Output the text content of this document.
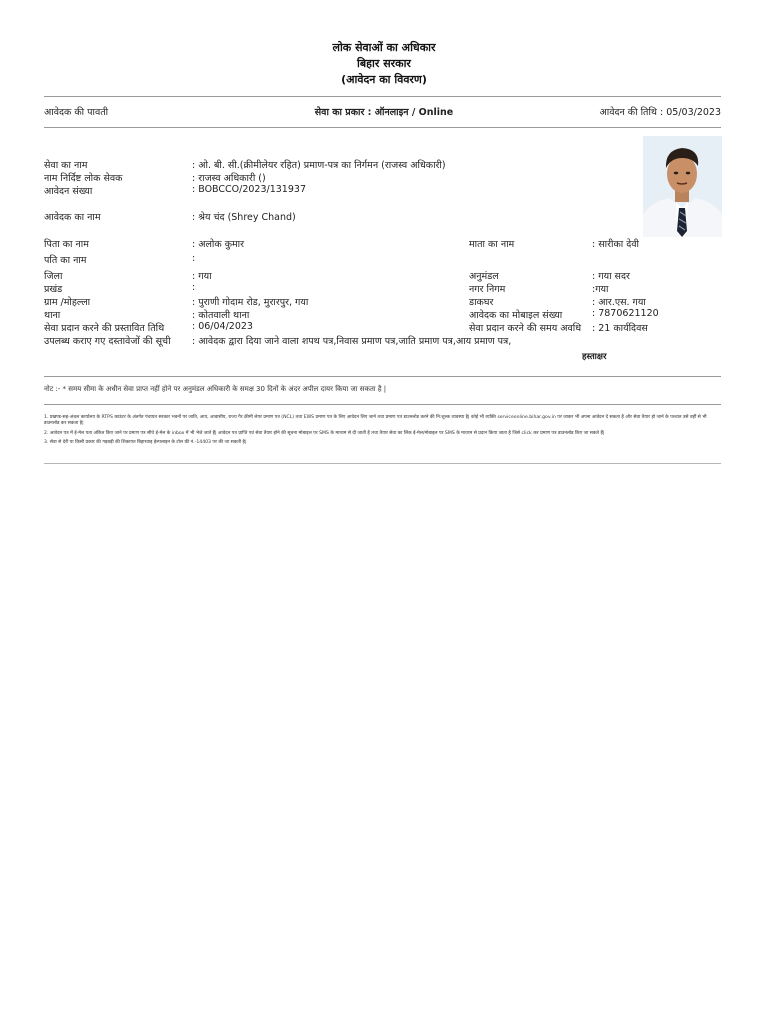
लोक सेवाओं का अधिकार
बिहार सरकार
(आवेदन का विवरण)
आवेदक की पावती	सेवा का प्रकार : ऑनलाइन / Online	आवेदन की तिथि : 05/03/2023
सेवा का नाम	: ओ. बी. सी.(क्रीमीलेयर रहित) प्रमाण-पत्र का निर्गमन (राजस्व अधिकारी)
नाम निर्दिष्ट लोक सेवक	: राजस्व अधिकारी ()
आवेदन संख्या	: BOBCCO/2023/131937
आवेदक का नाम	: श्रेय चंद (Shrey Chand)
पिता का नाम	: अलोक कुमार	माता का नाम	: सारीका देवी
पति का नाम	:
जिला	: गया	अनुमंडल	: गया सदर
प्रखंड	:	नगर निगम	:गया
ग्राम /मोहल्ला	: पुराणी गोदाम रोड, मुरारपुर, गया	डाकघर	: आर.एस. गया
थाना	: कोतवाली थाना	आवेदक का मोबाइल संख्या	: 7870621120
सेवा प्रदान करने की प्रस्तावित तिथि	: 06/04/2023	सेवा प्रदान करने की समय अवधि : 21 कार्यदिवस
उपलब्ध कराए गए दस्तावेजों की सूची : आवेदक द्वारा दिया जाने वाला शपथ पत्र,निवास प्रमाण पत्र,जाति प्रमाण पत्र,आय प्रमाण पत्र,
हस्ताक्षर
नोट :- * समय सीमा के अधीन सेवा प्राप्त नहीं होने पर अनुमंडल अधिकारी के समक्ष 30 दिनों के अंदर अपील दायर किया जा सकता है |
1. प्रखण्ड-सह-अंचल कार्यालय के RTPS काउंटर के अंतर्गत पंचायत सरकार भवनों पर जाति, आय, आवासीय, राज्य गैर क्रीमी लेयर प्रमाण पत्र (NCL) तथा EWS प्रमाण पत्र के लिए आवेदन लिए जाने तथा प्रमाण पत्र डाउनलोड करने की नि:शुल्क व्यवस्था है| कोई भी व्यक्ति serviceonline.bihar.gov.in पर जाकर भी अपना आवेदन दे सकता है और सेवा तैयार हो जाने के पश्चात उसे वहीं से भी डाउनलोड कर सकता है|
2. आवेदन पत्र में ई-मेल पता अंकित किए जाने पर प्रमाण पत्र सीधे ई-मेल के inbox में भी भेजे जाते हैं| आवेदन पत्र प्राप्ति एवं सेवा तैयार होने की सूचना मोबाइल पर SMS के माध्यम से दी जाती है तथा तैयार सेवा का लिंक ई-मेल/मोबाइल पर SMS के माध्यम से प्रदान किया जाता है जिसे click कर प्रमाण पत्र डाउनलोड किए जा सकते हैं|
3. सेवा से देरी या किसी प्रकार की गड़बड़ी की शिकायत बिहारवाइ हेल्पलाइन के टोल फ्री नं.-14403 पर की जा सकती है|
